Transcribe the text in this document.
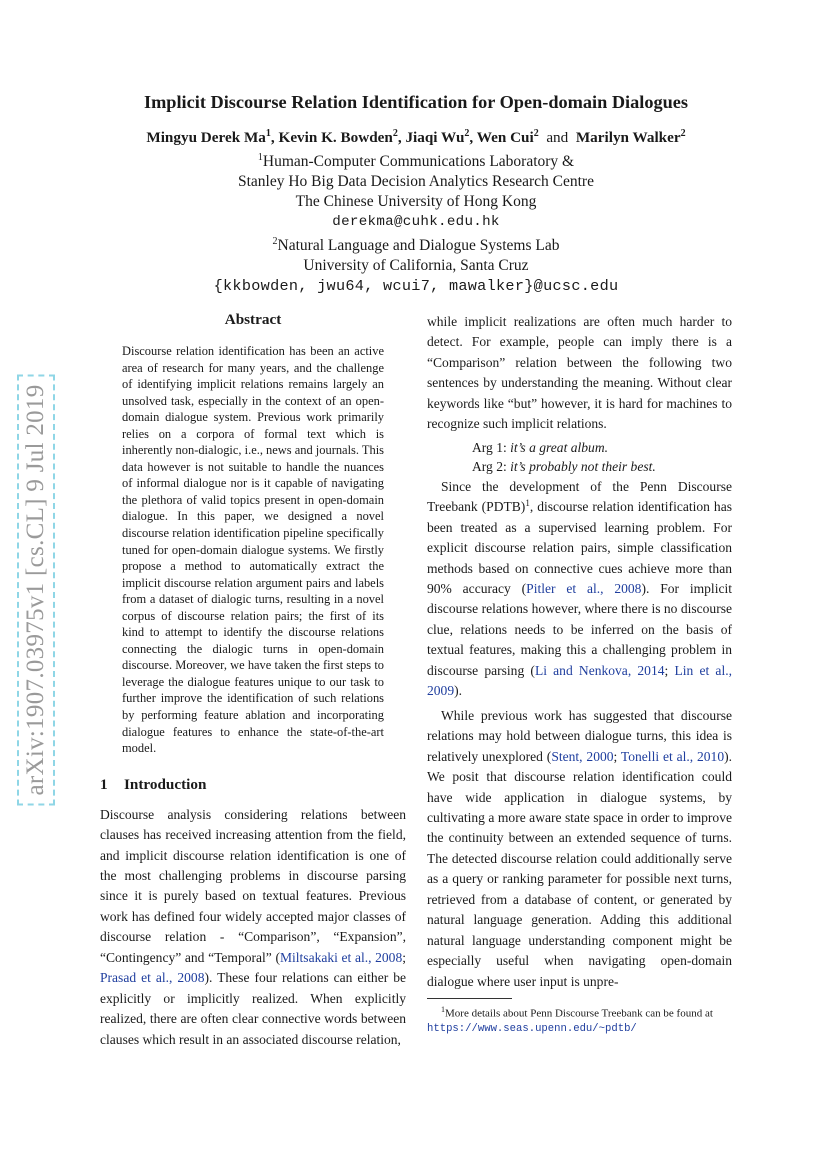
arXiv:1907.03975v1 [cs.CL] 9 Jul 2019
Implicit Discourse Relation Identification for Open-domain Dialogues
Mingyu Derek Ma$^1$, Kevin K. Bowden$^2$, Jiaqi Wu$^2$, Wen Cui$^2$ and Marilyn Walker$^2$
$^1$Human-Computer Communications Laboratory &
Stanley Ho Big Data Decision Analytics Research Centre
The Chinese University of Hong Kong
derekma@cuhk.edu.hk
$^2$Natural Language and Dialogue Systems Lab
University of California, Santa Cruz
{kkbowden, jwu64, wcui7, mawalker}@ucsc.edu
Abstract

Discourse relation identification has been an active area of research for many years, and the challenge of identifying implicit relations remains largely an unsolved task, especially in the context of an open-domain dialogue system. Previous work primarily relies on a corpora of formal text which is inherently non-dialogic, i.e., news and journals. This data however is not suitable to handle the nuances of informal dialogue nor is it capable of navigating the plethora of valid topics present in open-domain dialogue. In this paper, we designed a novel discourse relation identification pipeline specifically tuned for open-domain dialogue systems. We firstly propose a method to automatically extract the implicit discourse relation argument pairs and labels from a dataset of dialogic turns, resulting in a novel corpus of discourse relation pairs; the first of its kind to attempt to identify the discourse relations connecting the dialogic turns in open-domain discourse. Moreover, we have taken the first steps to leverage the dialogue features unique to our task to further improve the identification of such relations by performing feature ablation and incorporating dialogue features to enhance the state-of-the-art model.

1 Introduction

Discourse analysis considering relations between clauses has received increasing attention from the field, and implicit discourse relation identification is one of the most challenging problems in discourse parsing since it is purely based on textual features. Previous work has defined four widely accepted major classes of discourse relation - “Comparison”, “Expansion”, “Contingency” and “Temporal” (Miltsakaki et al., 2008; Prasad et al., 2008). These four relations can either be explicitly or implicitly realized. When explicitly realized, there are often clear connective words between clauses which result in an associated discourse relation,

while implicit realizations are often much harder to detect. For example, people can imply there is a “Comparison” relation between the following two sentences by understanding the meaning. Without clear keywords like “but” however, it is hard for machines to recognize such implicit relations.

Arg 1: it’s a great album.
Arg 2: it’s probably not their best.

Since the development of the Penn Discourse Treebank (PDTB)$^1$, discourse relation identification has been treated as a supervised learning problem. For explicit discourse relation pairs, simple classification methods based on connective cues achieve more than 90% accuracy (Pitler et al., 2008). For implicit discourse relations however, where there is no discourse clue, relations needs to be inferred on the basis of textual features, making this a challenging problem in discourse parsing (Li and Nenkova, 2014; Lin et al., 2009).

While previous work has suggested that discourse relations may hold between dialogue turns, this idea is relatively unexplored (Stent, 2000; Tonelli et al., 2010). We posit that discourse relation identification could have wide application in dialogue systems, by cultivating a more aware state space in order to improve the continuity between an extended sequence of turns. The detected discourse relation could additionally serve as a query or ranking parameter for possible next turns, retrieved from a database of content, or generated by natural language generation. Adding this additional natural language understanding component might be especially useful when navigating open-domain dialogue where user input is unpre-

$^1$More details about Penn Discourse Treebank can be found at https://www.seas.upenn.edu/~pdtb/
